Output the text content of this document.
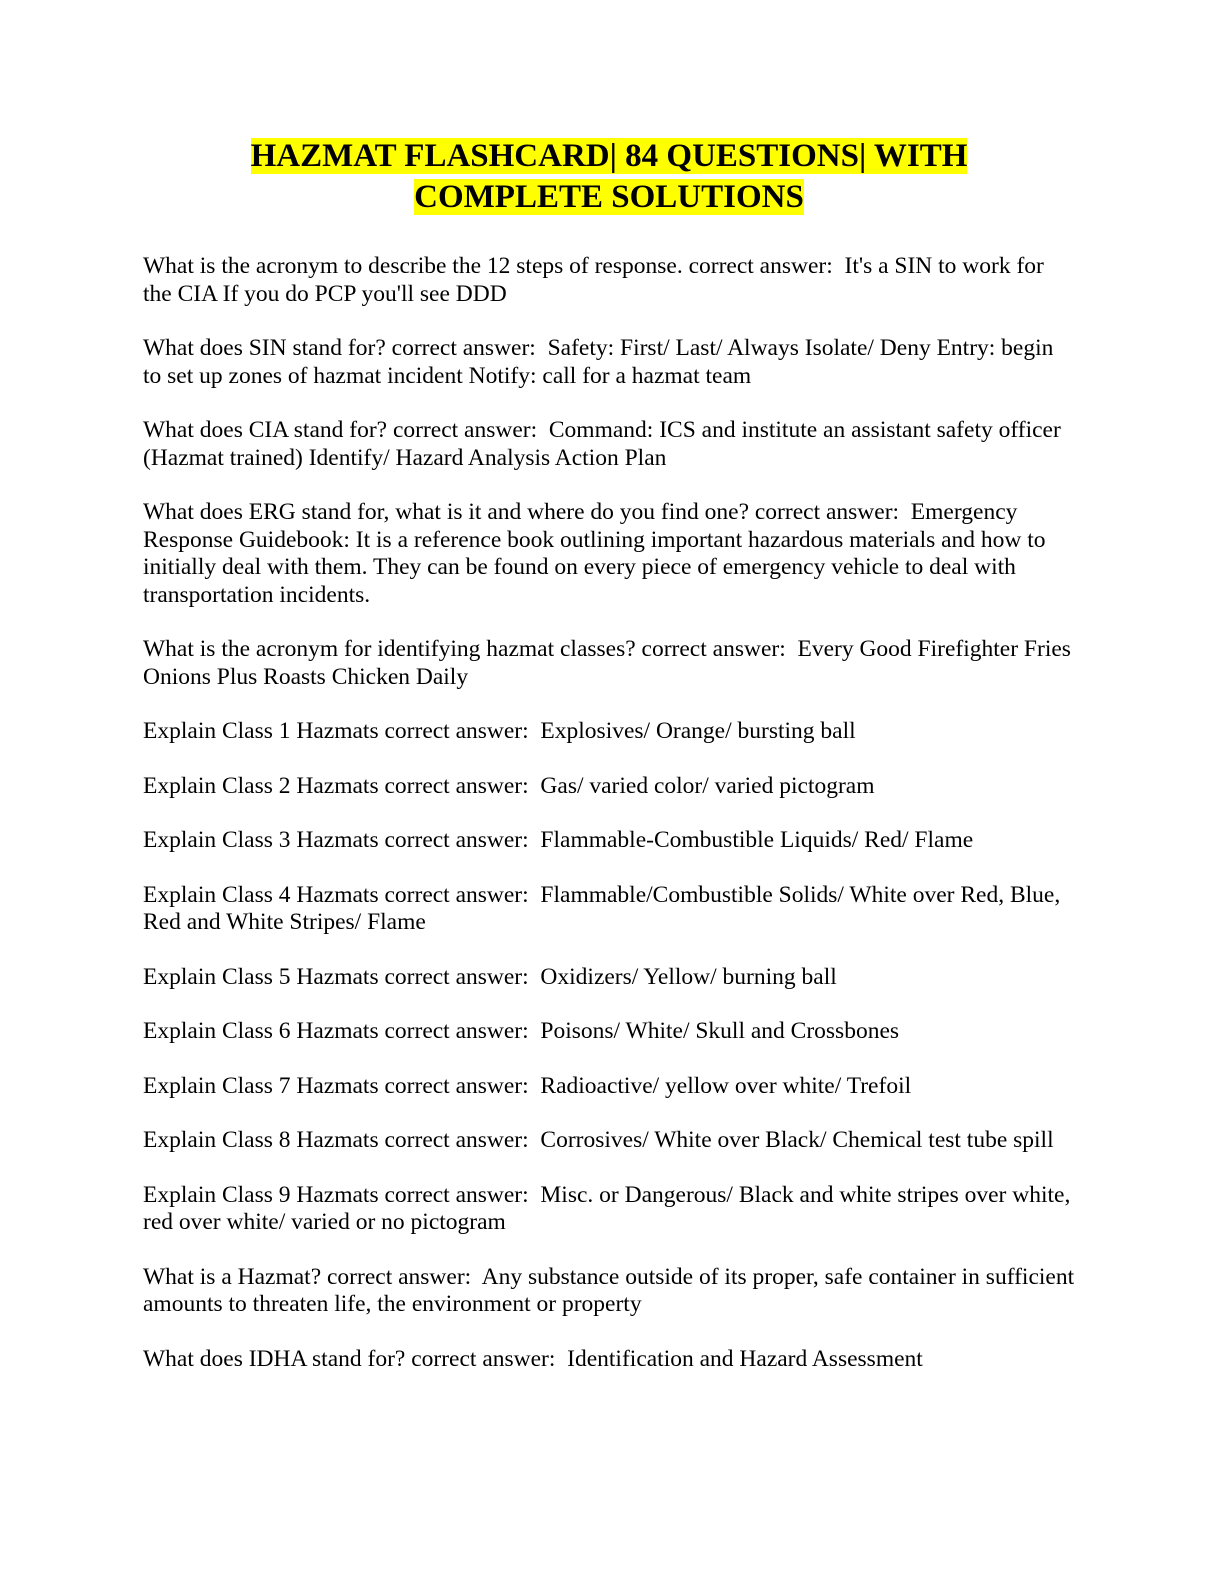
HAZMAT FLASHCARD| 84 QUESTIONS| WITH
COMPLETE SOLUTIONS

What is the acronym to describe the 12 steps of response. correct answer:  It's a SIN to work for the CIA If you do PCP you'll see DDD

What does SIN stand for? correct answer:  Safety: First/ Last/ Always Isolate/ Deny Entry: begin to set up zones of hazmat incident Notify: call for a hazmat team

What does CIA stand for? correct answer:  Command: ICS and institute an assistant safety officer (Hazmat trained) Identify/ Hazard Analysis Action Plan

What does ERG stand for, what is it and where do you find one? correct answer:  Emergency Response Guidebook: It is a reference book outlining important hazardous materials and how to initially deal with them. They can be found on every piece of emergency vehicle to deal with transportation incidents.

What is the acronym for identifying hazmat classes? correct answer:  Every Good Firefighter Fries Onions Plus Roasts Chicken Daily

Explain Class 1 Hazmats correct answer:  Explosives/ Orange/ bursting ball

Explain Class 2 Hazmats correct answer:  Gas/ varied color/ varied pictogram

Explain Class 3 Hazmats correct answer:  Flammable-Combustible Liquids/ Red/ Flame

Explain Class 4 Hazmats correct answer:  Flammable/Combustible Solids/ White over Red, Blue, Red and White Stripes/ Flame

Explain Class 5 Hazmats correct answer:  Oxidizers/ Yellow/ burning ball

Explain Class 6 Hazmats correct answer:  Poisons/ White/ Skull and Crossbones

Explain Class 7 Hazmats correct answer:  Radioactive/ yellow over white/ Trefoil

Explain Class 8 Hazmats correct answer:  Corrosives/ White over Black/ Chemical test tube spill

Explain Class 9 Hazmats correct answer:  Misc. or Dangerous/ Black and white stripes over white, red over white/ varied or no pictogram

What is a Hazmat? correct answer:  Any substance outside of its proper, safe container in sufficient amounts to threaten life, the environment or property

What does IDHA stand for? correct answer:  Identification and Hazard Assessment
